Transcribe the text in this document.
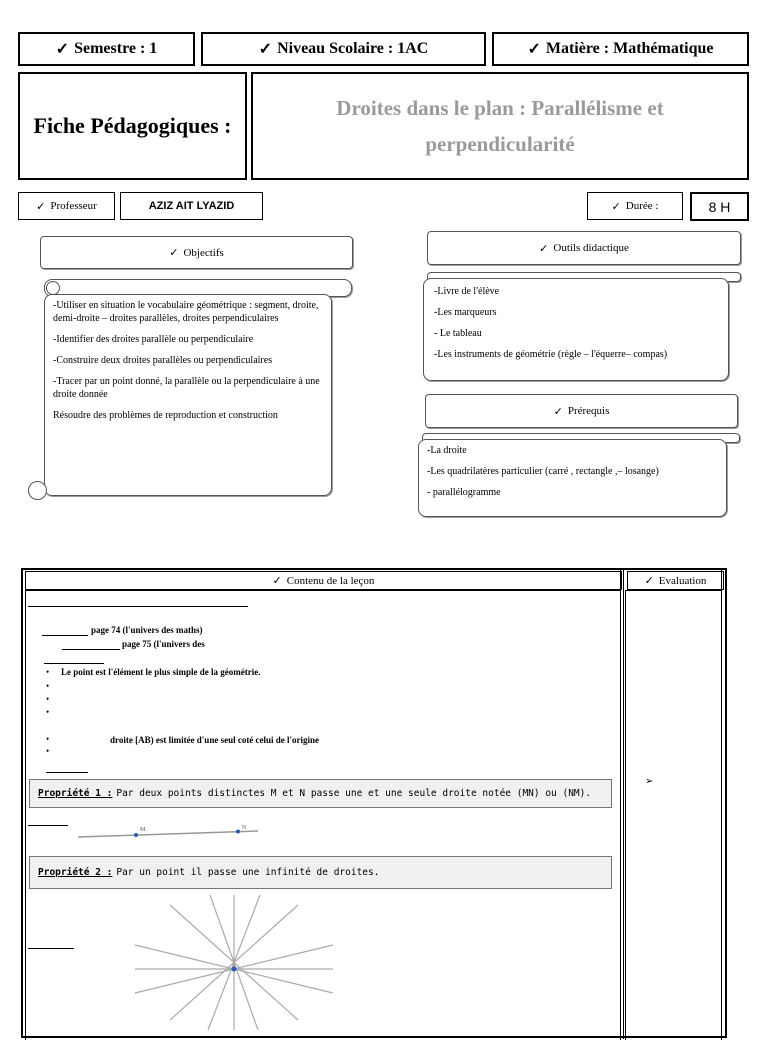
✓ Semestre : 1	✓ Niveau Scolaire : 1AC	✓ Matière : Mathématique
Fiche Pédagogiques :
Droites dans le plan : Parallélisme et perpendicularité
✓ Professeur	AZIZ AIT LYAZID	✓ Durée :	8 H
✓ Objectifs

-Utiliser en situation le vocabulaire géométrique : segment, droite, demi-droite – droites parallèles, droites perpendiculaires

-Identifier des droites parallèle ou perpendiculaire

-Construire deux droites parallèles ou perpendiculaires

-Tracer par un point donné, la parallèle ou la perpendiculaire à une droite donnée

Résoudre des problèmes de reproduction et construction

✓ Outils didactique

-Livre de l'élève

-Les marqueurs

- Le tableau

-Les instruments de géométrie (règle – l'équerre– compas)

✓ Prérequis

-La droite

-Les quadrilatères particulier (carré , rectangle ,– losange)

- parallélogramme

✓ Contenu de la leçon	✓ Evaluation
page 74 (l'univers des maths)
page 75 (l'univers des
• Le point est l'élément le plus simple de la géométrie.
•
•
•
•	droite [AB) est limitée d'une seul coté celui de l'origine
•
Propriété 1 : Par deux points distinctes M et N passe une et une seule droite notée (MN) ou (NM).
M	N
Propriété 2 : Par un point il passe une infinité de droites.
➢
